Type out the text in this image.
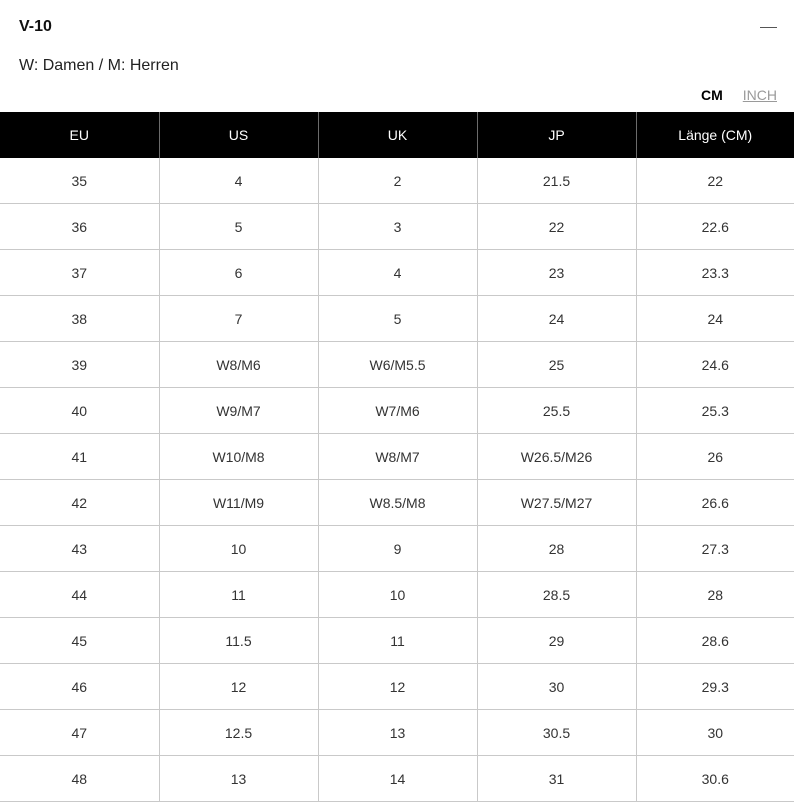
V-10
W: Damen / M: Herren
CM INCH
EU	US	UK	JP	Länge (CM)
35	4	2	21.5	22
36	5	3	22	22.6
37	6	4	23	23.3
38	7	5	24	24
39	W8/M6	W6/M5.5	25	24.6
40	W9/M7	W7/M6	25.5	25.3
41	W10/M8	W8/M7	W26.5/M26	26
42	W11/M9	W8.5/M8	W27.5/M27	26.6
43	10	9	28	27.3
44	11	10	28.5	28
45	11.5	11	29	28.6
46	12	12	30	29.3
47	12.5	13	30.5	30
48	13	14	31	30.6
